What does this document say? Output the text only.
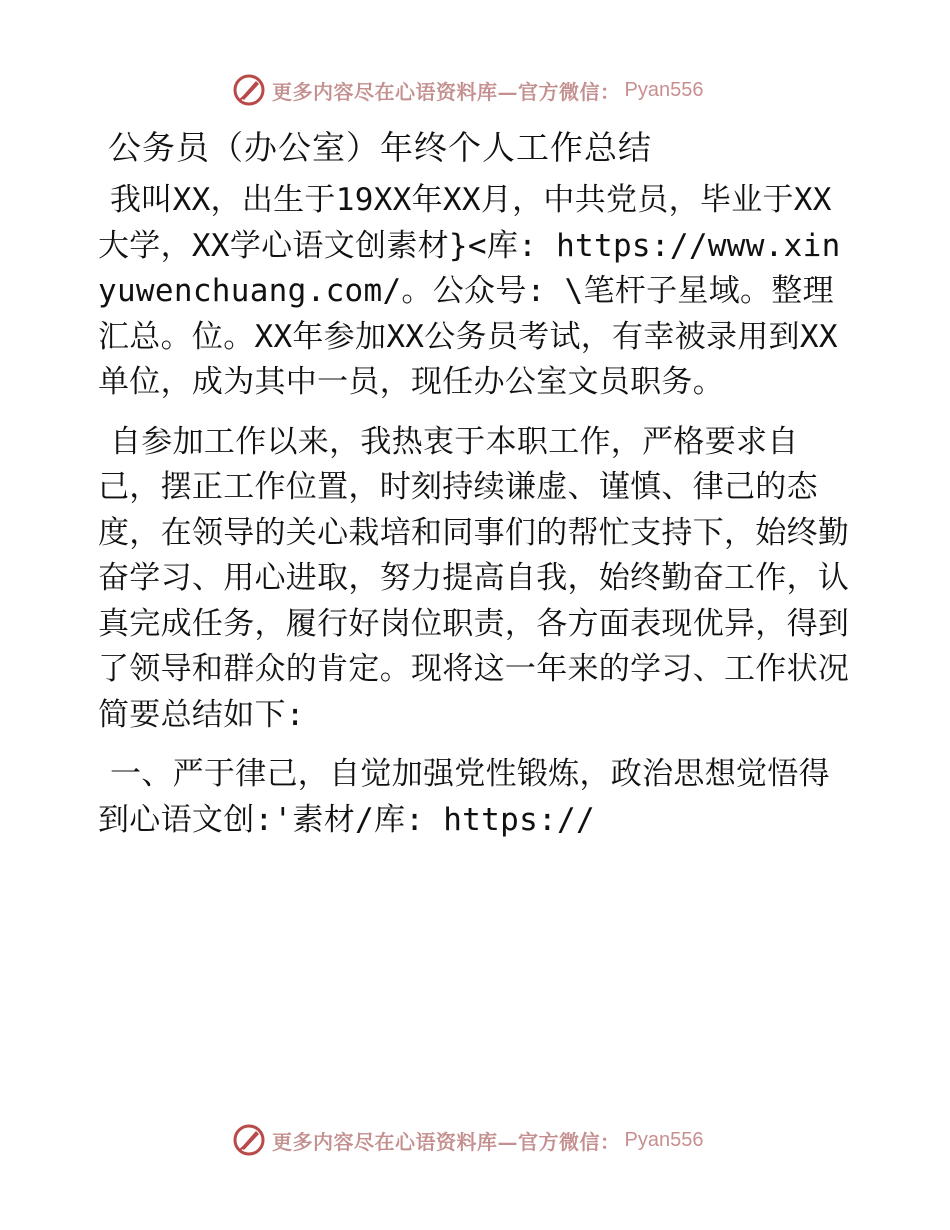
更多内容尽在心语资料库—官方微信： Pyan556
公务员（办公室）年终个人工作总结

我叫XX，出生于19XX年XX月，中共党员，毕业于XX大学，XX学心语文创素材}<库: https://www.xinyuwenchuang.com/。公众号: \笔杆子星域。整理汇总。位。XX年参加XX公务员考试，有幸被录用到XX单位，成为其中一员，现任办公室文员职务。

自参加工作以来，我热衷于本职工作，严格要求自己，摆正工作位置，时刻持续谦虚、谨慎、律己的态度，在领导的关心栽培和同事们的帮忙支持下，始终勤奋学习、用心进取，努力提高自我，始终勤奋工作，认真完成任务，履行好岗位职责，各方面表现优异，得到了领导和群众的肯定。现将这一年来的学习、工作状况简要总结如下:

一、严于律己，自觉加强党性锻炼，政治思想觉悟得到心语文创:'素材/库: https://

更多内容尽在心语资料库—官方微信： Pyan556
